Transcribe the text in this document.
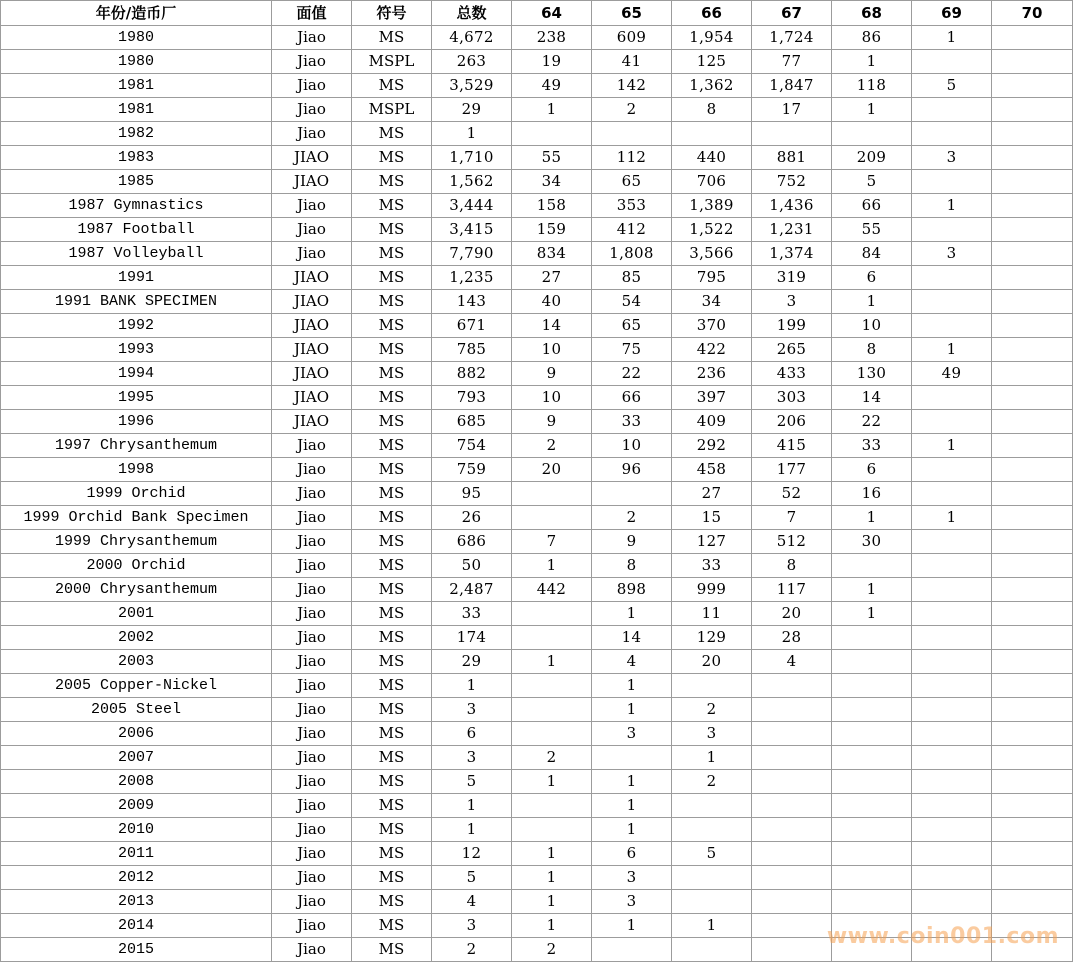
年份/造币厂	面值	符号	总数	64	65	66	67	68	69	70
1980	Jiao	MS	4,672	238	609	1,954	1,724	86	1	
1980	Jiao	MSPL	263	19	41	125	77	1		
1981	Jiao	MS	3,529	49	142	1,362	1,847	118	5	
1981	Jiao	MSPL	29	1	2	8	17	1		
1982	Jiao	MS	1							
1983	JIAO	MS	1,710	55	112	440	881	209	3	
1985	JIAO	MS	1,562	34	65	706	752	5		
1987 Gymnastics	Jiao	MS	3,444	158	353	1,389	1,436	66	1	
1987 Football	Jiao	MS	3,415	159	412	1,522	1,231	55		
1987 Volleyball	Jiao	MS	7,790	834	1,808	3,566	1,374	84	3	
1991	JIAO	MS	1,235	27	85	795	319	6		
1991 BANK SPECIMEN	JIAO	MS	143	40	54	34	3	1		
1992	JIAO	MS	671	14	65	370	199	10		
1993	JIAO	MS	785	10	75	422	265	8	1	
1994	JIAO	MS	882	9	22	236	433	130	49	
1995	JIAO	MS	793	10	66	397	303	14		
1996	JIAO	MS	685	9	33	409	206	22		
1997 Chrysanthemum	Jiao	MS	754	2	10	292	415	33	1	
1998	Jiao	MS	759	20	96	458	177	6		
1999 Orchid	Jiao	MS	95			27	52	16		
1999 Orchid Bank Specimen	Jiao	MS	26		2	15	7	1	1	
1999 Chrysanthemum	Jiao	MS	686	7	9	127	512	30		
2000 Orchid	Jiao	MS	50	1	8	33	8			
2000 Chrysanthemum	Jiao	MS	2,487	442	898	999	117	1		
2001	Jiao	MS	33		1	11	20	1		
2002	Jiao	MS	174		14	129	28			
2003	Jiao	MS	29	1	4	20	4			
2005 Copper-Nickel	Jiao	MS	1		1					
2005 Steel	Jiao	MS	3		1	2				
2006	Jiao	MS	6		3	3				
2007	Jiao	MS	3	2		1				
2008	Jiao	MS	5	1	1	2				
2009	Jiao	MS	1		1					
2010	Jiao	MS	1		1					
2011	Jiao	MS	12	1	6	5				
2012	Jiao	MS	5	1	3					
2013	Jiao	MS	4	1	3					
2014	Jiao	MS	3	1	1	1				
2015	Jiao	MS	2	2							www.coin001.com
